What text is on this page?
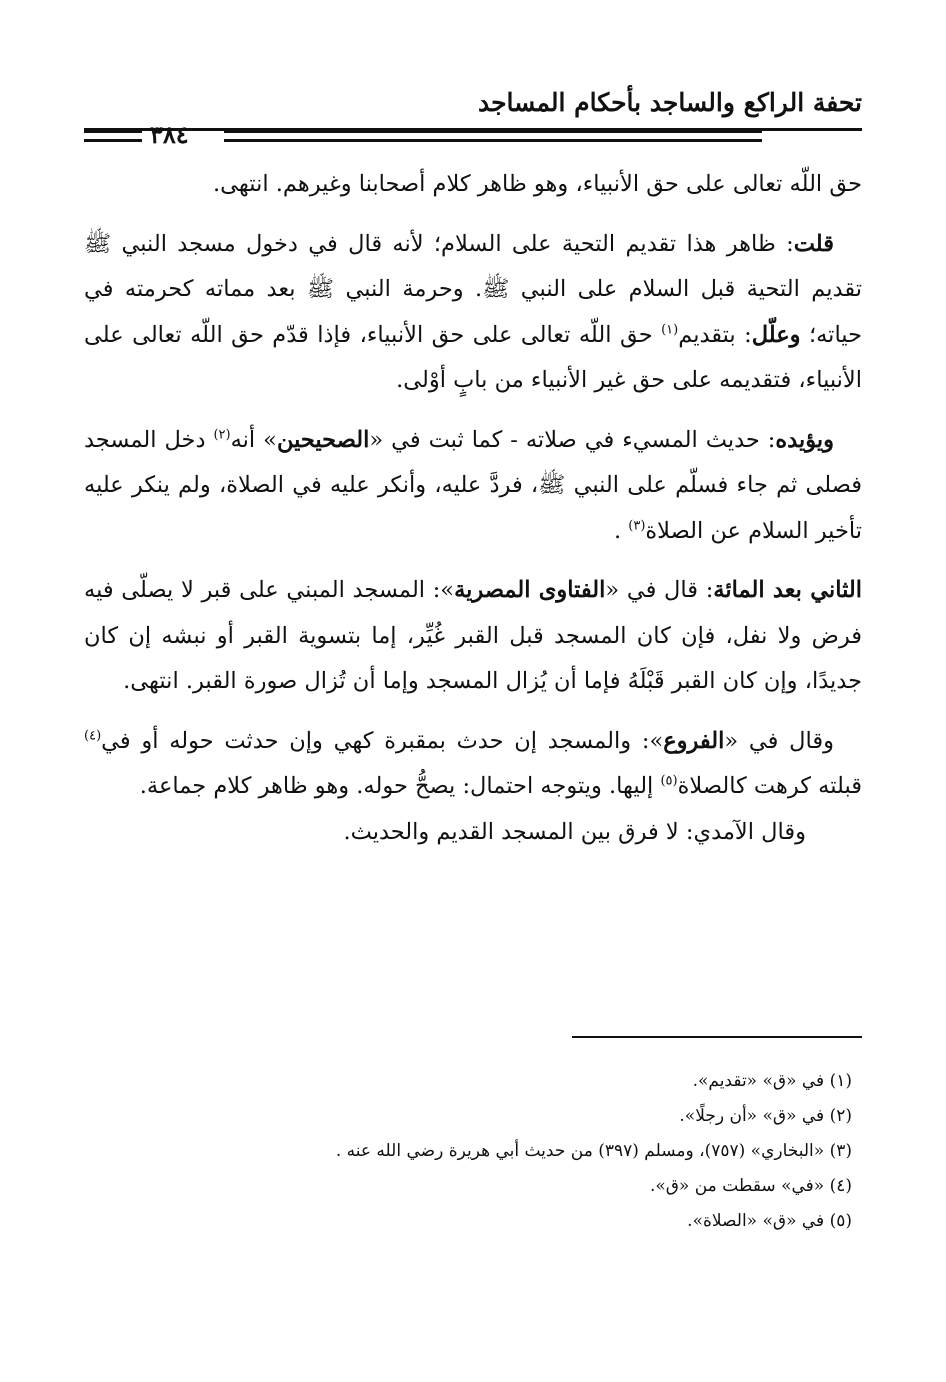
تحفة الراكع والساجد بأحكام المساجد
٣٨٤

حق اللّه تعالى على حق الأنبياء، وهو ظاهر كلام أصحابنا وغيرهم. انتهى.

قلت: ظاهر هذا تقديم التحية على السلام؛ لأنه قال في دخول مسجد النبي ﷺ تقديم التحية قبل السلام على النبي ﷺ. وحرمة النبي ﷺ بعد مماته كحرمته في حياته؛ وعلّل: بتقديم$^{(١)}$ حق اللّه تعالى على حق الأنبياء، فإذا قدّم حق اللّه تعالى على الأنبياء، فتقديمه على حق غير الأنبياء من بابٍ أوْلى.

ويؤيده: حديث المسيء في صلاته - كما ثبت في «الصحيحين» أنه$^{(٢)}$ دخل المسجد فصلى ثم جاء فسلّم على النبي ﷺ، فردَّ عليه، وأنكر عليه في الصلاة، ولم ينكر عليه تأخير السلام عن الصلاة$^{(٣)}$ .

الثاني بعد المائة: قال في «الفتاوى المصرية»: المسجد المبني على قبر لا يصلّى فيه فرض ولا نفل، فإن كان المسجد قبل القبر غُيِّر، إما بتسوية القبر أو نبشه إن كان جديدًا، وإن كان القبر قَبْلَهُ فإما أن يُزال المسجد وإما أن تُزال صورة القبر. انتهى.

وقال في «الفروع»: والمسجد إن حدث بمقبرة كهي وإن حدثت حوله أو في$^{(٤)}$ قبلته كرهت كالصلاة$^{(٥)}$ إليها. ويتوجه احتمال: يصحُّ حوله. وهو ظاهر كلام جماعة.

وقال الآمدي: لا فرق بين المسجد القديم والحديث.

(١) في «ق» «تقديم».
(٢) في «ق» «أن رجلًا».
(٣) «البخاري» (٧٥٧)، ومسلم (٣٩٧) من حديث أبي هريرة رضي الله عنه .
(٤) «في» سقطت من «ق».
(٥) في «ق» «الصلاة».
